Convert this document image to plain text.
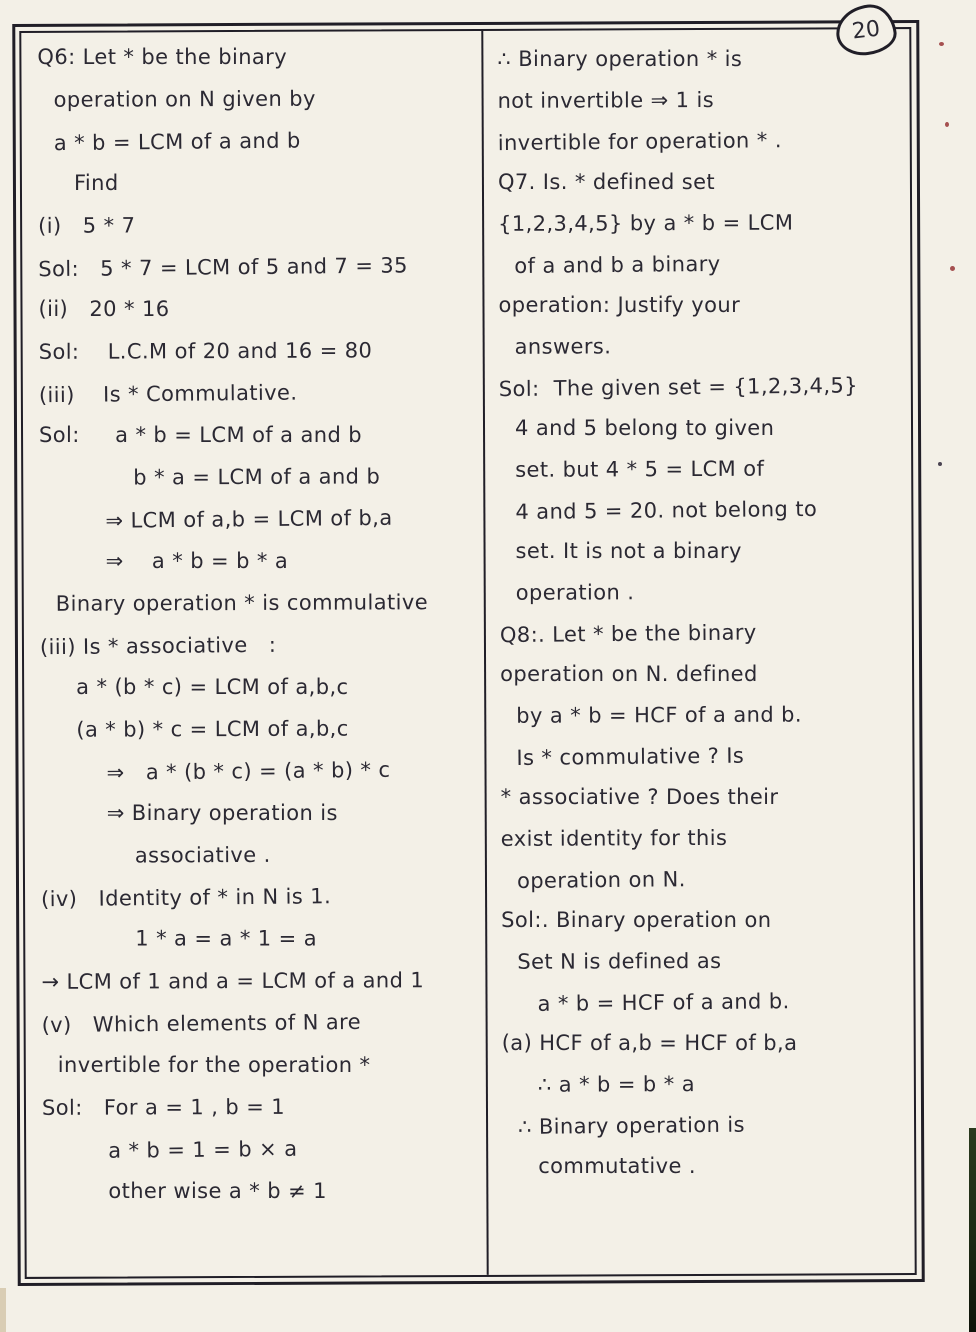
20
Q6: Let * be the binary
operation on N given by
a * b = LCM of a and b
Find
(i)   5 * 7
Sol:   5 * 7 = LCM of 5 and 7 = 35
(ii)   20 * 16
Sol:    L.C.M of 20 and 16 = 80
(iii)    Is * Commulative.
Sol:     a * b = LCM of a and b
b * a = LCM of a and b
⇒ LCM of a,b = LCM of b,a
⇒    a * b = b * a
Binary operation * is commulative
(iii) Is * associative   :
a * (b * c) = LCM of a,b,c
(a * b) * c = LCM of a,b,c
⇒   a * (b * c) = (a * b) * c
⇒ Binary operation is
associative .
(iv)   Identity of * in N is 1.
1 * a = a * 1 = a
→ LCM of 1 and a = LCM of a and 1
(v)   Which elements of N are
invertible for the operation *
Sol:   For a = 1 , b = 1
a * b = 1 = b × a
other wise a * b ≠ 1
∴ Binary operation * is
not invertible ⇒ 1 is
invertible for operation * .
Q7. Is. * defined set
{1,2,3,4,5} by a * b = LCM
of a and b a binary
operation: Justify your
answers.
Sol:  The given set = {1,2,3,4,5}
4 and 5 belong to given
set. but 4 * 5 = LCM of
4 and 5 = 20. not belong to
set. It is not a binary
operation .
Q8:. Let * be the binary
operation on N. defined
by a * b = HCF of a and b.
Is * commulative ? Is
* associative ? Does their
exist identity for this
operation on N.
Sol:. Binary operation on
Set N is defined as
a * b = HCF of a and b.
(a) HCF of a,b = HCF of b,a
∴ a * b = b * a
∴ Binary operation is
commutative .
